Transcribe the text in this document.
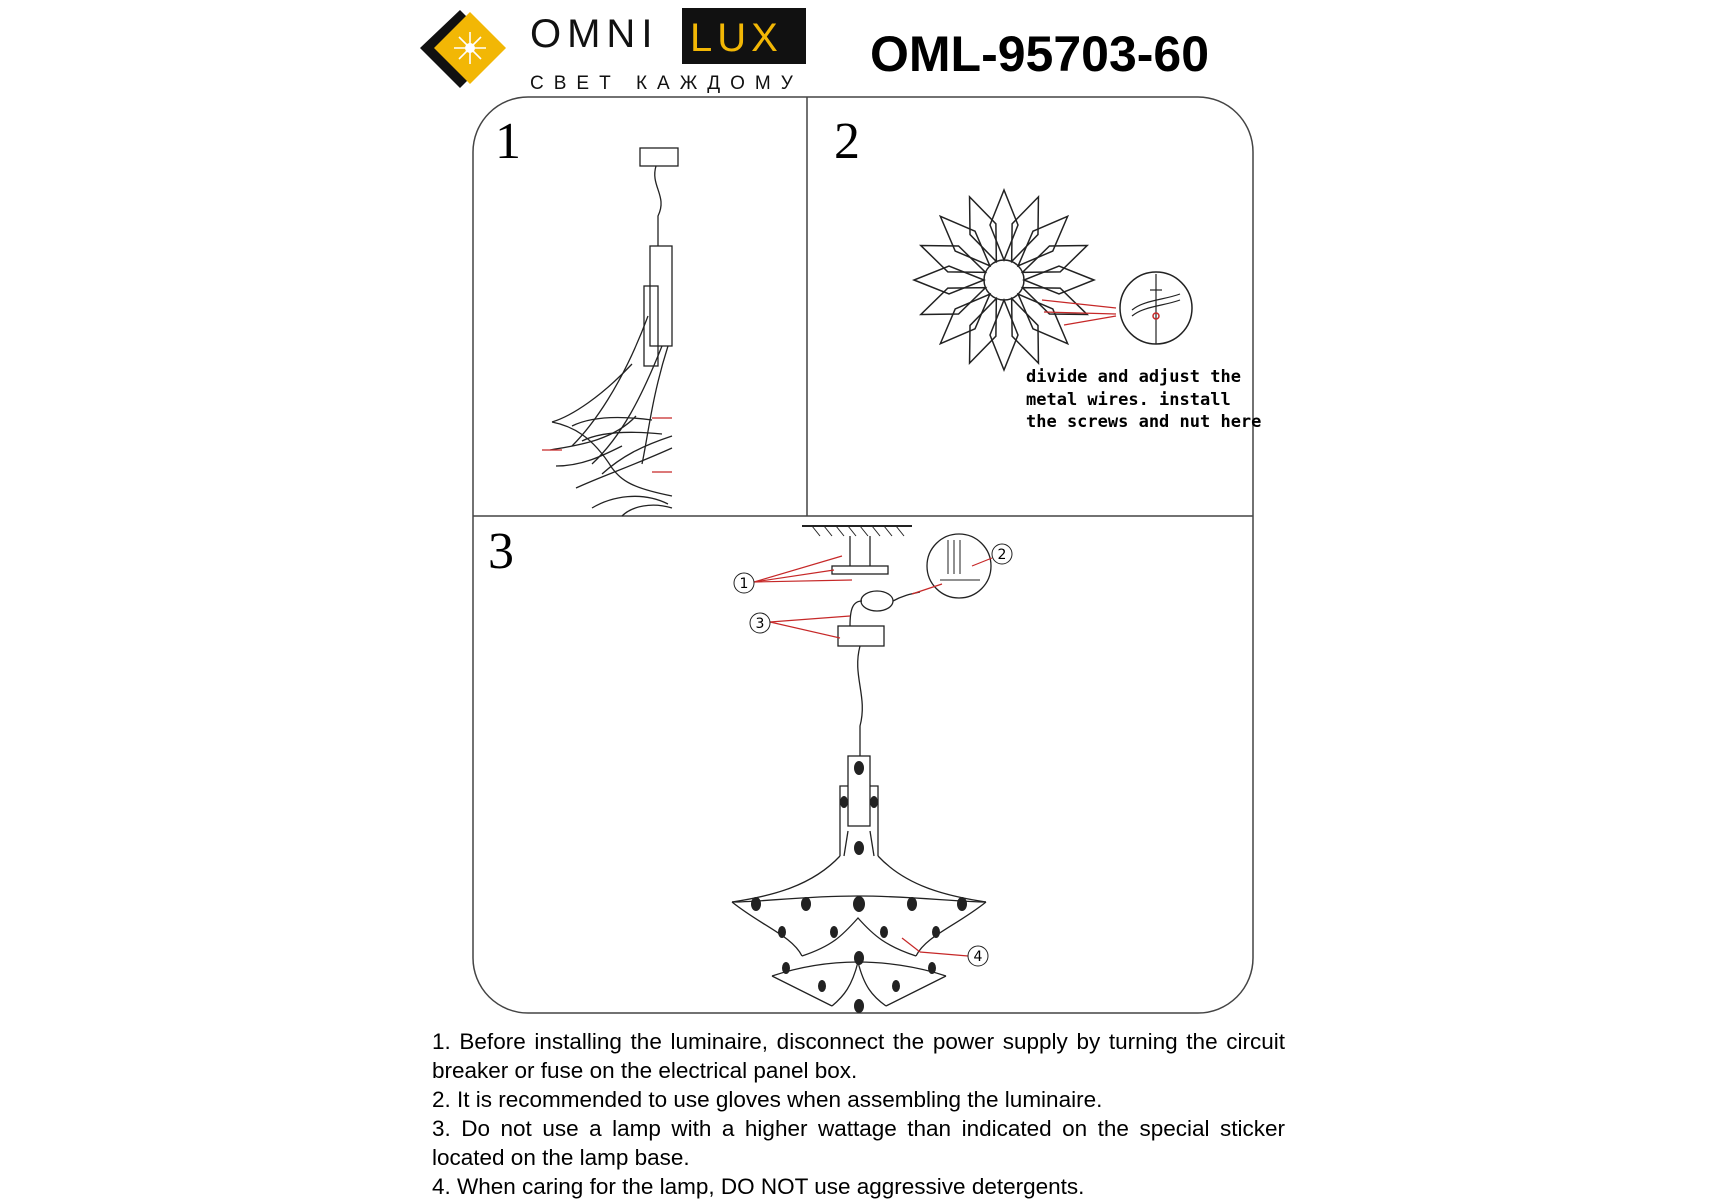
OMNI LUX
СВЕТ КАЖДОМУ
OML-95703-60
1
2
3
4
1	2
3
divide and adjust the
metal wires. install
the screws and nut here

1. Before installing the luminaire, disconnect the power supply by turning the circuit breaker or fuse on the electrical panel box.

2. It is recommended to use gloves when assembling the luminaire.

3. Do not use a lamp with a higher wattage than indicated on the special sticker located on the lamp base.

4. When caring for the lamp, DO NOT use aggressive detergents.
